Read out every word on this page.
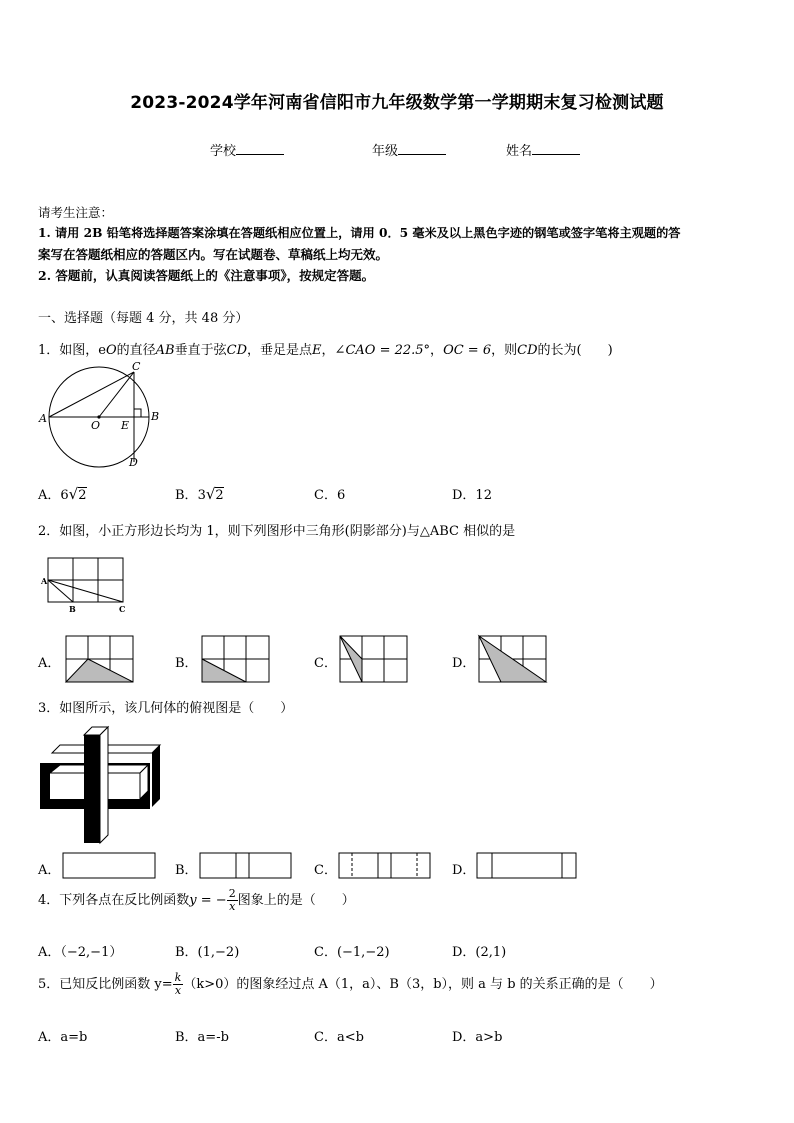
2023-2024学年河南省信阳市九年级数学第一学期期末复习检测试题
学校	年级	姓名
请考生注意：
1. 请用 2B 铅笔将选择题答案涂填在答题纸相应位置上，请用 0．5 毫米及以上黑色字迹的钢笔或签字笔将主观题的答
案写在答题纸相应的答题区内。写在试题卷、草稿纸上均无效。
2. 答题前，认真阅读答题纸上的《注意事项》，按规定答题。
一、选择题（每题 4 分，共 48 分）
1．如图，eO的直径AB垂直于弦CD，垂足是点E，∠CAO = 22.5°，OC = 6，则CD的长为(　　)
A	B
C
D
O E
A．6√2	B．3√2	C．6	D．12
2．如图，小正方形边长均为 1，则下列图形中三角形(阴影部分)与△ABC 相似的是
A
B	C
A．	B．	C．	D．
3．如图所示，该几何体的俯视图是（　　）
A．	B．	C．	D．
4．下列各点在反比例函数y = − $\frac{2}{x}$ 图象上的是（　　）
A．（−2,−1）	B．(1,−2)	C．(−1,−2)	D．(2,1)
5．已知反比例函数 $y= \frac{k}{x} (k>0)$的图象经过点 A（1，a）、B（3，b），则 a 与 b 的关系正确的是（　　）
A．a=b	B．a=-b	C．a<b	D．a>b
